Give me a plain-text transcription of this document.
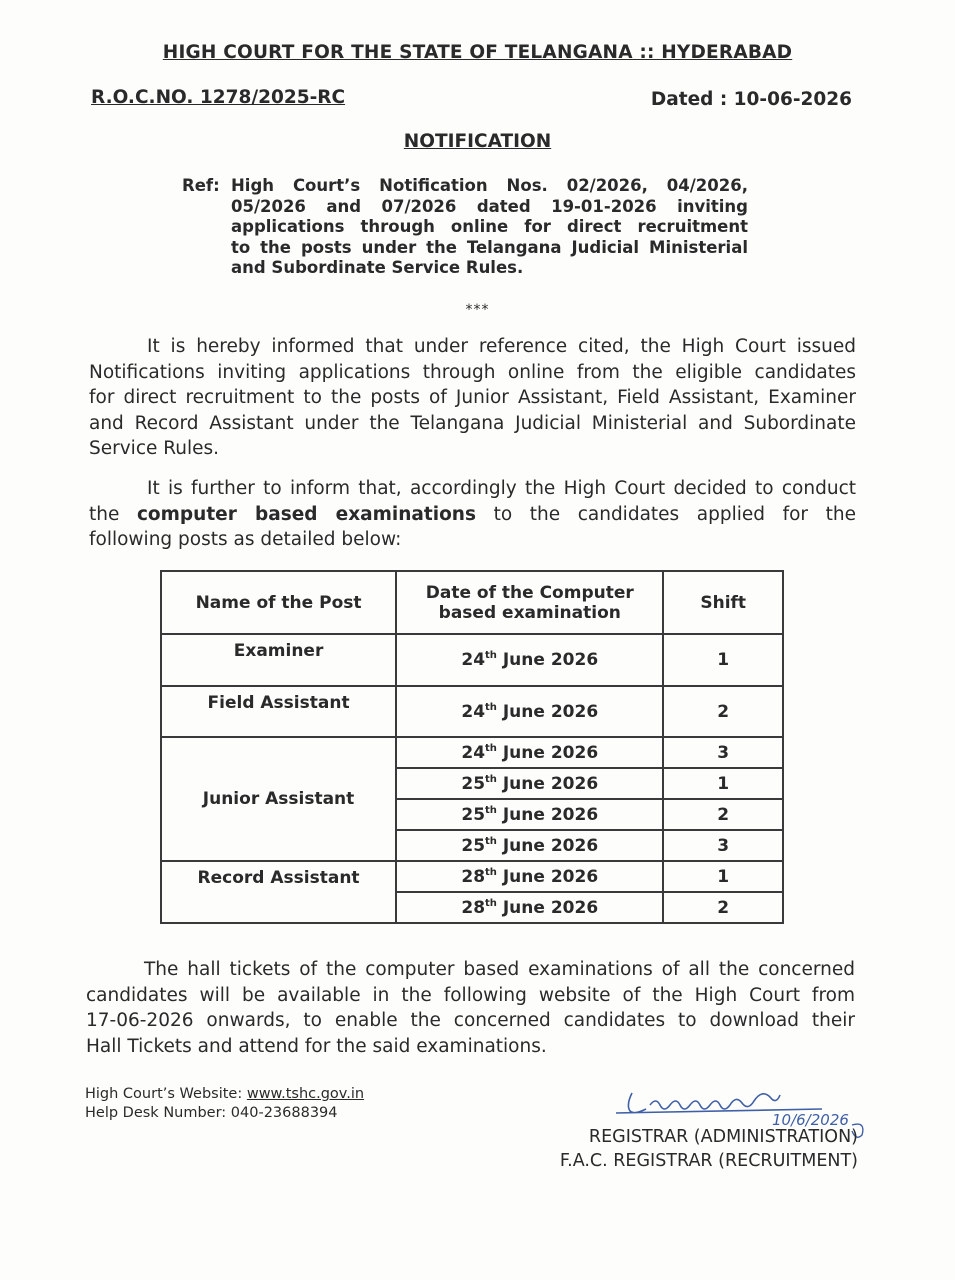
HIGH COURT FOR THE STATE OF TELANGANA :: HYDERABAD
R.O.C.NO. 1278/2025-RC	Dated : 10-06-2026
NOTIFICATION
Ref: High Court’s Notification Nos. 02/2026, 04/2026,
05/2026 and 07/2026 dated 19-01-2026 inviting
applications through online for direct recruitment
to the posts under the Telangana Judicial Ministerial
and Subordinate Service Rules.
***
It is hereby informed that under reference cited, the High Court issued
Notifications inviting applications through online from the eligible candidates
for direct recruitment to the posts of Junior Assistant, Field Assistant, Examiner
and Record Assistant under the Telangana Judicial Ministerial and Subordinate
Service Rules.
It is further to inform that, accordingly the High Court decided to conduct
the computer based examinations to the candidates applied for the
following posts as detailed below:
Name of the Post	Date of the Computer based examination	Shift
Examiner	24th June 2026	1
Field Assistant	24th June 2026	2
Junior Assistant	24th June 2026	3
	25th June 2026	1
	25th June 2026	2
	25th June 2026	3
Record Assistant	28th June 2026	1
	28th June 2026	2
The hall tickets of the computer based examinations of all the concerned
candidates will be available in the following website of the High Court from
17-06-2026 onwards, to enable the concerned candidates to download their
Hall Tickets and attend for the said examinations.
High Court’s Website: www.tshc.gov.in
Help Desk Number: 040-23688394	10/6/2026
REGISTRAR (ADMINISTRATION)
F.A.C. REGISTRAR (RECRUITMENT)
